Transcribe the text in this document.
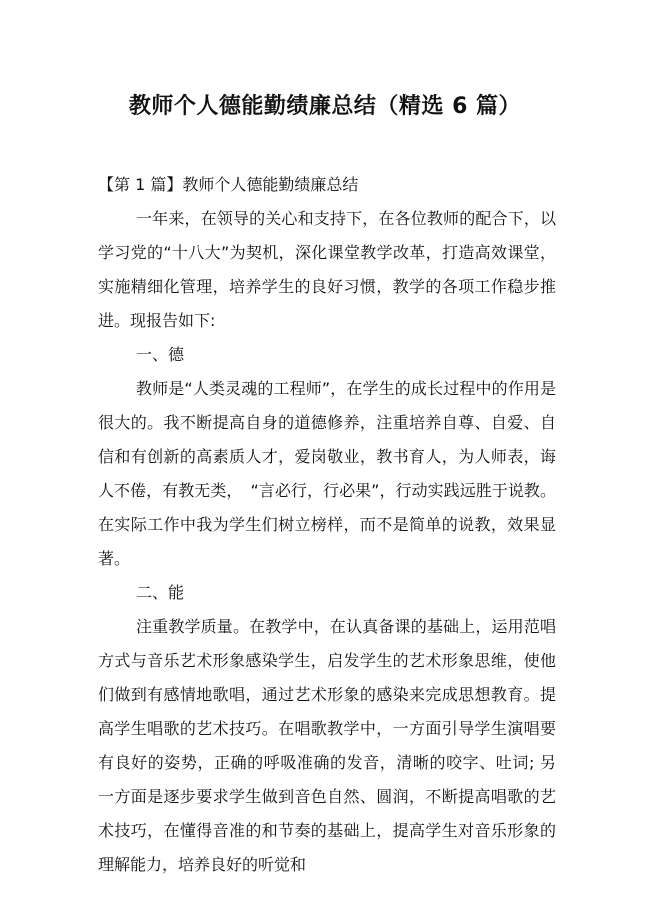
教师个人德能勤绩廉总结（精选 6 篇）

【第 1 篇】教师个人德能勤绩廉总结

一年来，在领导的关心和支持下，在各位教师的配合下，以学习党的“十八大”为契机，深化课堂教学改革，打造高效课堂，实施精细化管理，培养学生的良好习惯，教学的各项工作稳步推进。现报告如下:

一、德

教师是“人类灵魂的工程师”，在学生的成长过程中的作用是很大的。我不断提高自身的道德修养，注重培养自尊、自爱、自信和有创新的高素质人才，爱岗敬业，教书育人，为人师表，诲人不倦，有教无类，　“言必行，行必果”，行动实践远胜于说教。在实际工作中我为学生们树立榜样，而不是简单的说教，效果显著。

二、能

注重教学质量。在教学中，在认真备课的基础上，运用范唱方式与音乐艺术形象感染学生，启发学生的艺术形象思维，使他们做到有感情地歌唱，通过艺术形象的感染来完成思想教育。提高学生唱歌的艺术技巧。在唱歌教学中，一方面引导学生演唱要有良好的姿势，正确的呼吸准确的发音，清晰的咬字、吐词; 另一方面是逐步要求学生做到音色自然、圆润，不断提高唱歌的艺术技巧，在懂得音准的和节奏的基础上，提高学生对音乐形象的理解能力，培养良好的听觉和
